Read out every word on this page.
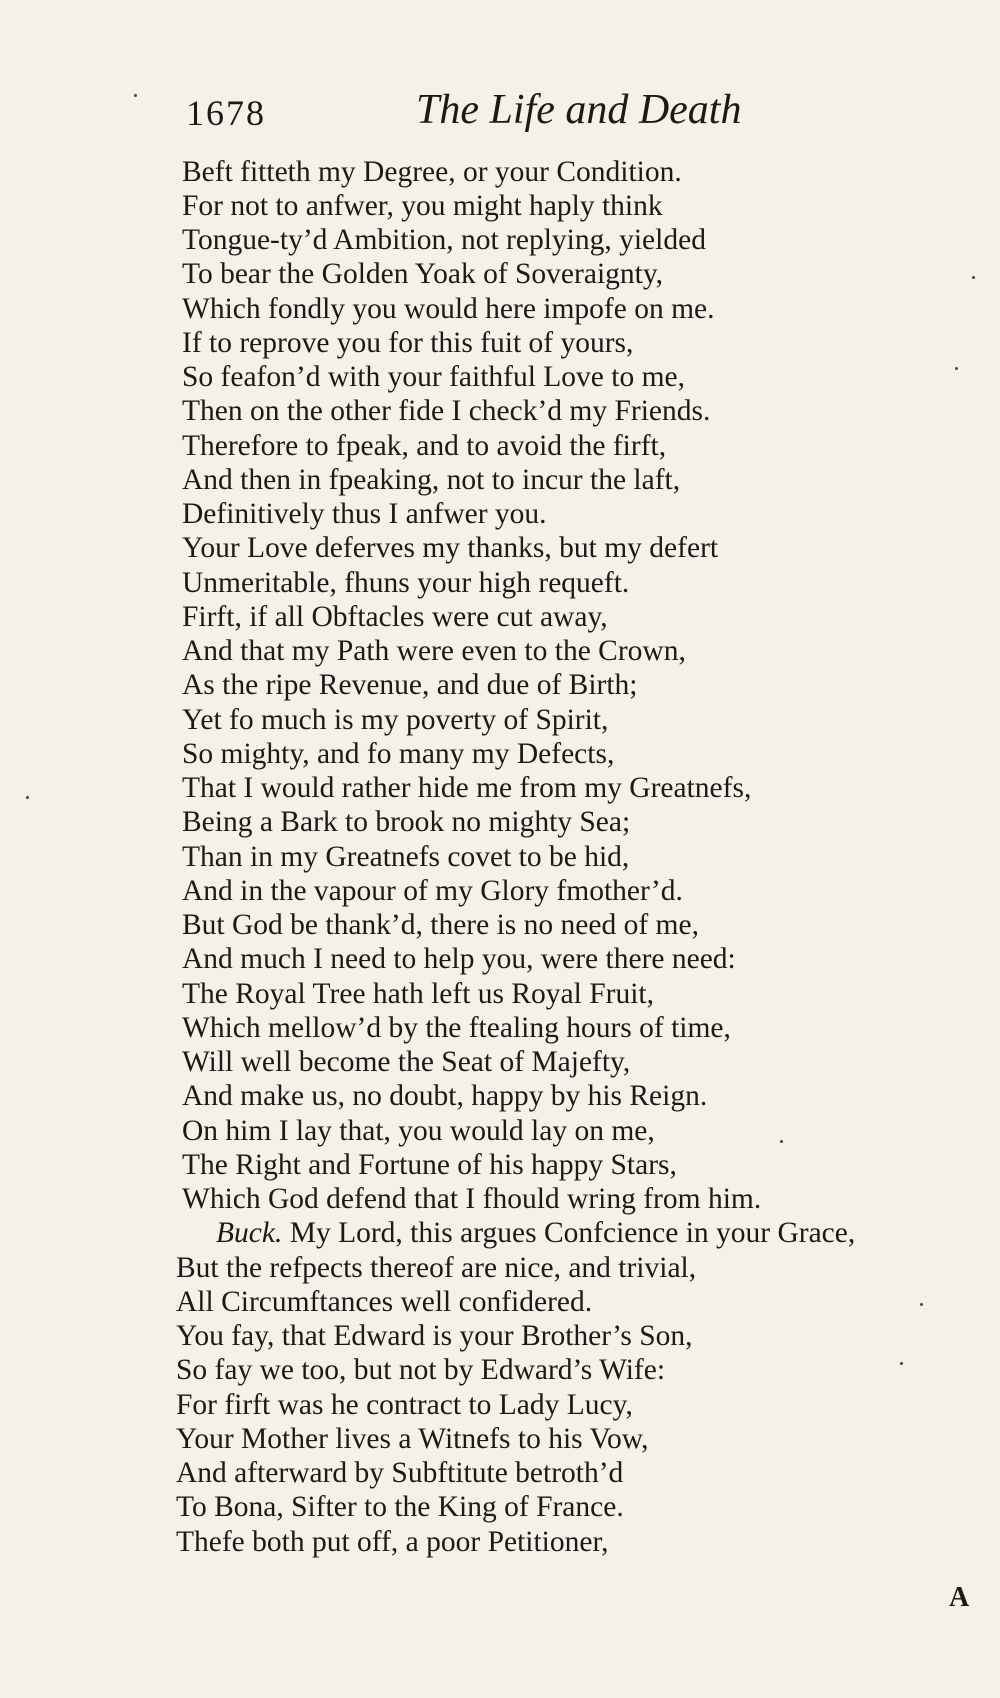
1678	The Life and Death
Beft fitteth my Degree, or your Condition.
For not to anfwer, you might haply think
Tongue-ty’d Ambition, not replying, yielded
To bear the Golden Yoak of Soveraignty,
Which fondly you would here impofe on me.
If to reprove you for this fuit of yours,
So feafon’d with your faithful Love to me,
Then on the other fide I check’d my Friends.
Therefore to fpeak, and to avoid the firft,
And then in fpeaking, not to incur the laft,
Definitively thus I anfwer you.
Your Love deferves my thanks, but my defert
Unmeritable, fhuns your high requeft.
Firft, if all Obftacles were cut away,
And that my Path were even to the Crown,
As the ripe Revenue, and due of Birth;
Yet fo much is my poverty of Spirit,
So mighty, and fo many my Defects,
That I would rather hide me from my Greatnefs,
Being a Bark to brook no mighty Sea;
Than in my Greatnefs covet to be hid,
And in the vapour of my Glory fmother’d.
But God be thank’d, there is no need of me,
And much I need to help you, were there need:
The Royal Tree hath left us Royal Fruit,
Which mellow’d by the ftealing hours of time,
Will well become the Seat of Majefty,
And make us, no doubt, happy by his Reign.
On him I lay that, you would lay on me,
The Right and Fortune of his happy Stars,
Which God defend that I fhould wring from him.
Buck. My Lord, this argues Confcience in your Grace,
But the refpects thereof are nice, and trivial,
All Circumftances well confidered.
You fay, that Edward is your Brother’s Son,
So fay we too, but not by Edward’s Wife:
For firft was he contract to Lady Lucy,
Your Mother lives a Witnefs to his Vow,
And afterward by Subftitute betroth’d
To Bona, Sifter to the King of France.
Thefe both put off, a poor Petitioner,
A
